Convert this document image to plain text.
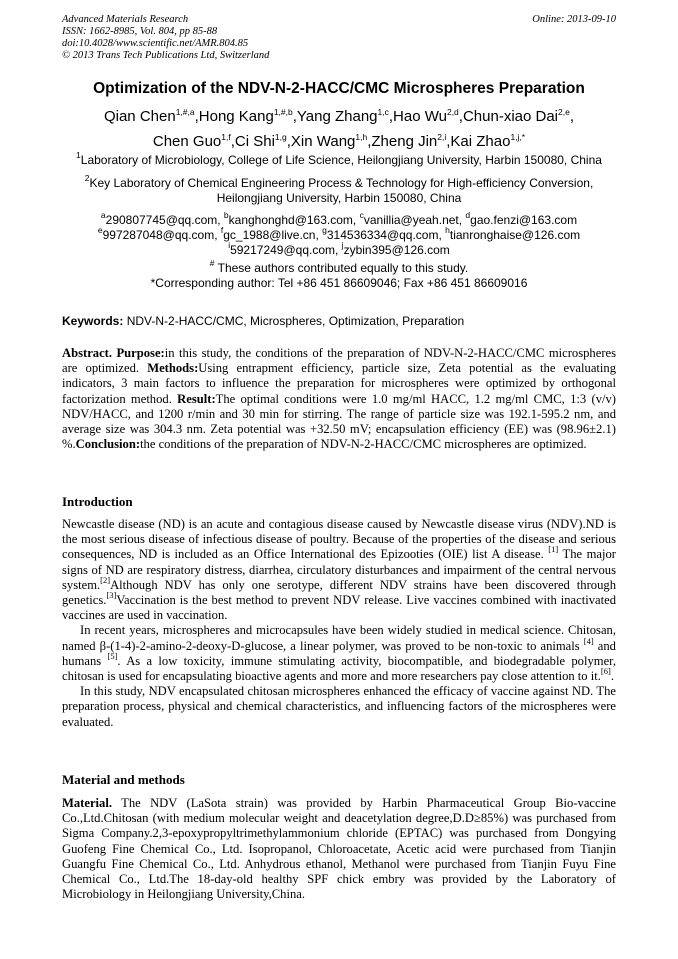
Advanced Materials Research
ISSN: 1662-8985, Vol. 804, pp 85-88
doi:10.4028/www.scientific.net/AMR.804.85
© 2013 Trans Tech Publications Ltd, Switzerland
Online: 2013-09-10
Optimization of the NDV-N-2-HACC/CMC Microspheres Preparation
Qian Chen$^{1,\#,a}$,Hong Kang$^{1,\#,b}$,Yang Zhang$^{1,c}$,Hao Wu$^{2,d}$,Chun-xiao Dai$^{2,e}$,
Chen Guo$^{1,f}$,Ci Shi$^{1,g}$,Xin Wang$^{1,h}$,Zheng Jin$^{2,i}$,Kai Zhao$^{1,j,*}$
$^1$Laboratory of Microbiology, College of Life Science, Heilongjiang University, Harbin 150080, China
$^2$Key Laboratory of Chemical Engineering Process & Technology for High-efficiency Conversion,
Heilongjiang University, Harbin 150080, China
$^a$290807745@qq.com, $^b$kanghonghd@163.com, $^c$vanillia@yeah.net, $^d$gao.fenzi@163.com
$^e$997287048@qq.com, $^f$gc_1988@live.cn, $^g$314536334@qq.com, $^h$tianronghaise@126.com
$^i$59217249@qq.com, $^j$zybin395@126.com
# These authors contributed equally to this study.
*Corresponding author: Tel +86 451 86609046; Fax +86 451 86609016
Keywords: NDV-N-2-HACC/CMC, Microspheres, Optimization, Preparation

Abstract. Purpose:in this study, the conditions of the preparation of NDV-N-2-HACC/CMC microspheres are optimized. Methods:Using entrapment efficiency, particle size, Zeta potential as the evaluating indicators, 3 main factors to influence the preparation for microspheres were optimized by orthogonal factorization method. Result:The optimal conditions were 1.0 mg/ml HACC, 1.2 mg/ml CMC, 1:3 (v/v) NDV/HACC, and 1200 r/min and 30 min for stirring. The range of particle size was 192.1-595.2 nm, and average size was 304.3 nm. Zeta potential was +32.50 mV; encapsulation efficiency (EE) was (98.96±2.1) %.Conclusion:the conditions of the preparation of NDV-N-2-HACC/CMC microspheres are optimized.

Introduction

Newcastle disease (ND) is an acute and contagious disease caused by Newcastle disease virus (NDV).ND is the most serious disease of infectious disease of poultry. Because of the properties of the disease and serious consequences, ND is included as an Office International des Epizooties (OIE) list A disease. [1] The major signs of ND are respiratory distress, diarrhea, circulatory disturbances and impairment of the central nervous system.[2]Although NDV has only one serotype, different NDV strains have been discovered through genetics.[3]Vaccination is the best method to prevent NDV release. Live vaccines combined with inactivated vaccines are used in vaccination.

In recent years, microspheres and microcapsules have been widely studied in medical science. Chitosan, named β-(1-4)-2-amino-2-deoxy-D-glucose, a linear polymer, was proved to be non-toxic to animals [4] and humans [5]. As a low toxicity, immune stimulating activity, biocompatible, and biodegradable polymer, chitosan is used for encapsulating bioactive agents and more and more researchers pay close attention to it.[6].

In this study, NDV encapsulated chitosan microspheres enhanced the efficacy of vaccine against ND. The preparation process, physical and chemical characteristics, and influencing factors of the microspheres were evaluated.

Material and methods

Material. The NDV (LaSota strain) was provided by Harbin Pharmaceutical Group Bio-vaccine Co.,Ltd.Chitosan (with medium molecular weight and deacetylation degree,D.D≥85%) was purchased from Sigma Company.2,3-epoxypropyltrimethylammonium chloride (EPTAC) was purchased from Dongying Guofeng Fine Chemical Co., Ltd. Isopropanol, Chloroacetate, Acetic acid were purchased from Tianjin Guangfu Fine Chemical Co., Ltd. Anhydrous ethanol, Methanol were purchased from Tianjin Fuyu Fine Chemical Co., Ltd.The 18-day-old healthy SPF chick embry was provided by the Laboratory of Microbiology in Heilongjiang University,China.
